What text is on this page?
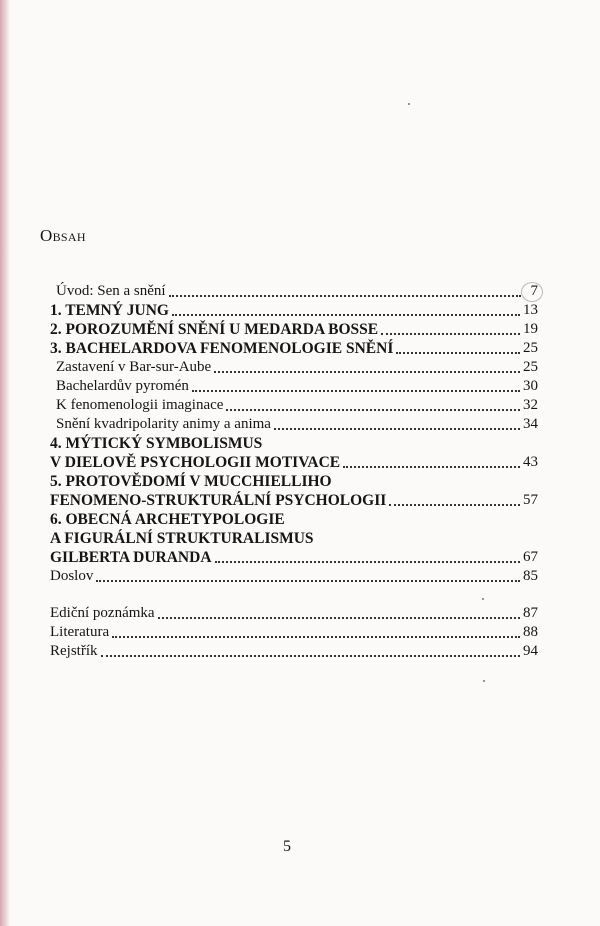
OBSAH
Úvod: Sen a snění	7
1. TEMNÝ JUNG	13
2. POROZUMĚNÍ SNĚNÍ U MEDARDA BOSSE	19
3. BACHELARDOVA FENOMENOLOGIE SNĚNÍ	25
Zastavení v Bar-sur-Aube	25
Bachelardův pyromén	30
K fenomenologii imaginace	32
Snění kvadripolarity animy a anima	34
4. MÝTICKÝ SYMBOLISMUS
V DIELOVĚ PSYCHOLOGII MOTIVACE	43
5. PROTOVĚDOMÍ V MUCCHIELLIHO
FENOMENO-STRUKTURÁLNÍ PSYCHOLOGII	57
6. OBECNÁ ARCHETYPOLOGIE
A FIGURÁLNÍ STRUKTURALISMUS
GILBERTA DURANDA	67
Doslov	85
Ediční poznámka	87
Literatura	88
Rejstřík	94
5
